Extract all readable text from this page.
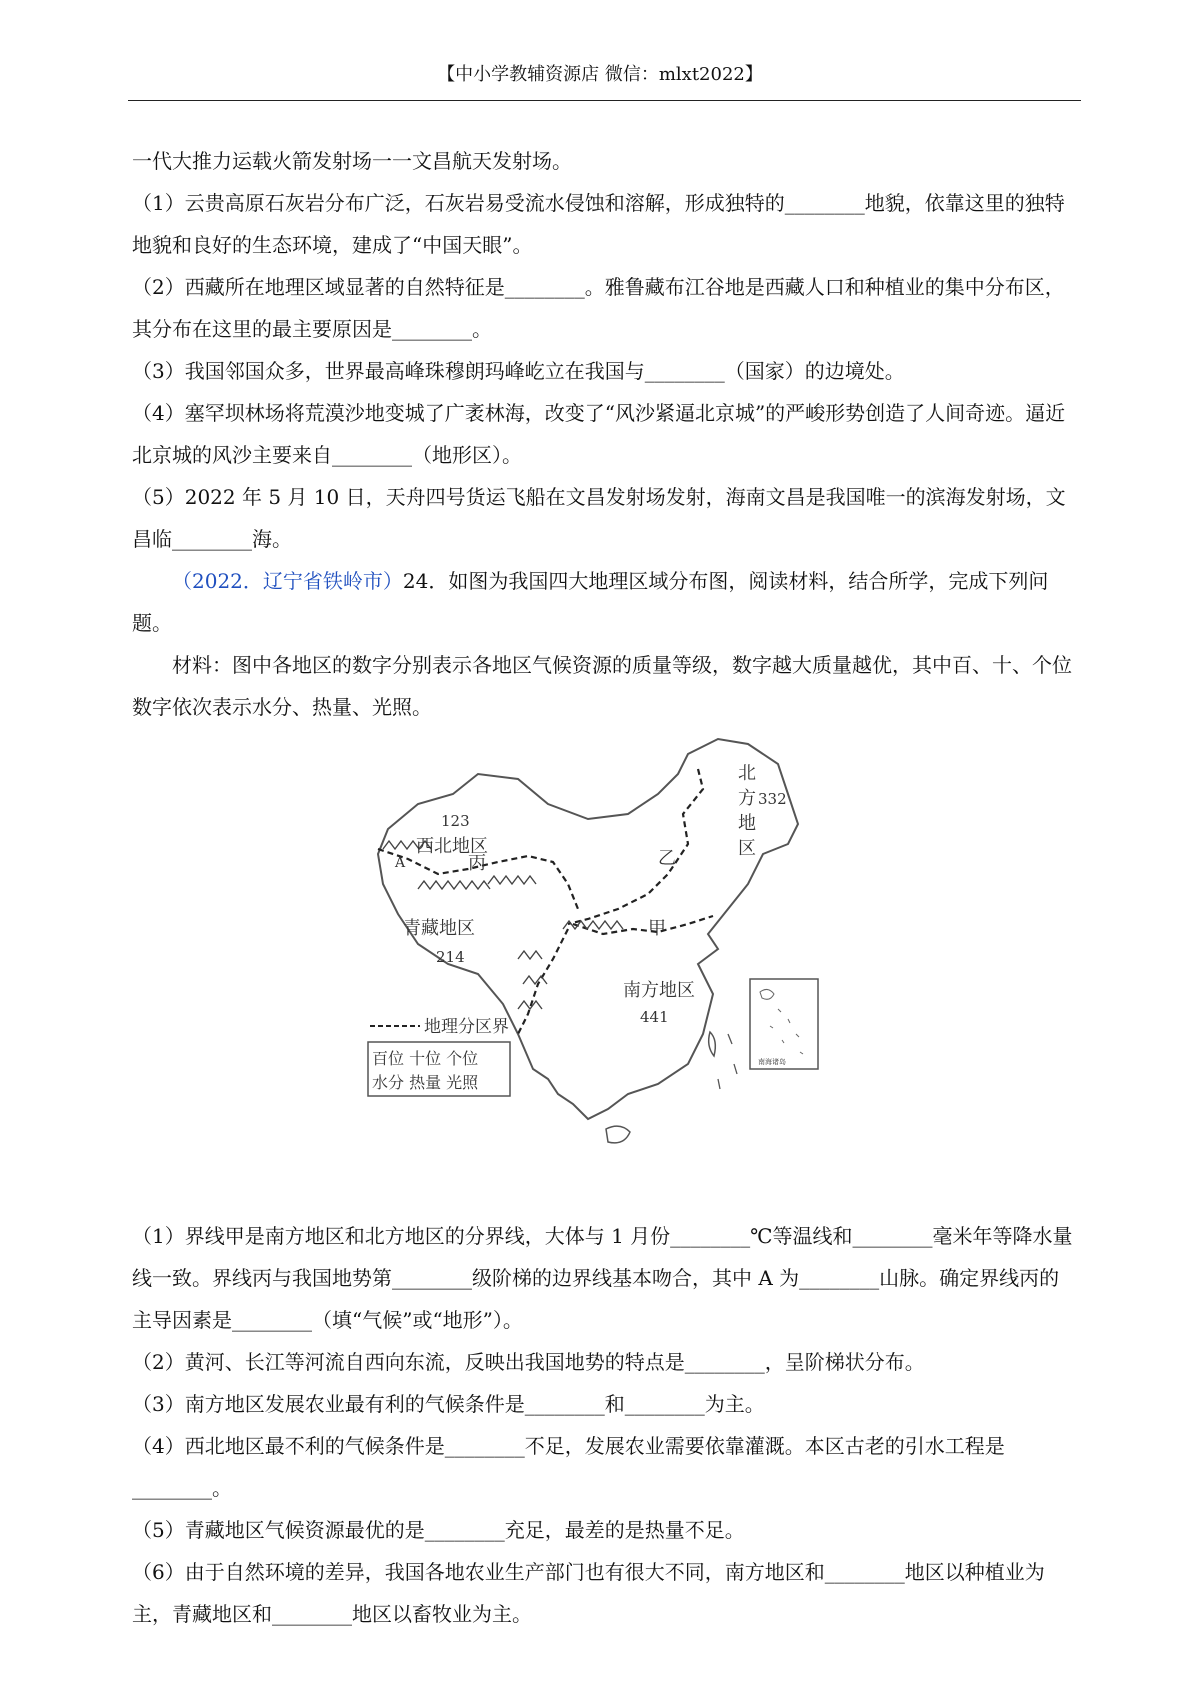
【中小学教辅资源店 微信：mlxt2022】

一代大推力运载火箭发射场一一文昌航天发射场。

（1）云贵高原石灰岩分布广泛，石灰岩易受流水侵蚀和溶解，形成独特的________地貌，依靠这里的独特地貌和良好的生态环境，建成了“中国天眼”。

（2）西藏所在地理区域显著的自然特征是________。雅鲁藏布江谷地是西藏人口和种植业的集中分布区，其分布在这里的最主要原因是________。

（3）我国邻国众多，世界最高峰珠穆朗玛峰屹立在我国与________（国家）的边境处。

（4）塞罕坝林场将荒漠沙地变城了广袤林海，改变了“风沙紧逼北京城”的严峻形势创造了人间奇迹。逼近北京城的风沙主要来自________（地形区）。

（5）2022 年 5 月 10 日，天舟四号货运飞船在文昌发射场发射，海南文昌是我国唯一的滨海发射场，文昌临________海。

（2022．辽宁省铁岭市）24．如图为我国四大地理区域分布图，阅读材料，结合所学，完成下列问题。

材料：图中各地区的数字分别表示各地区气候资源的质量等级，数字越大质量越优，其中百、十、个位数字依次表示水分、热量、光照。

123
西北地区
青藏地区
214
南方地区
441
北
方 332
地
区
乙
丙
甲
A
南海诸岛
地理分区界
百位 十位 个位
水分 热量 光照

（1）界线甲是南方地区和北方地区的分界线，大体与 1 月份________℃等温线和________毫米年等降水量线一致。界线丙与我国地势第________级阶梯的边界线基本吻合，其中 A 为________山脉。确定界线丙的主导因素是________（填“气候”或“地形”）。

（2）黄河、长江等河流自西向东流，反映出我国地势的特点是________，呈阶梯状分布。

（3）南方地区发展农业最有利的气候条件是________和________为主。

（4）西北地区最不利的气候条件是________不足，发展农业需要依靠灌溉。本区古老的引水工程是________。

（5）青藏地区气候资源最优的是________充足，最差的是热量不足。

（6）由于自然环境的差异，我国各地农业生产部门也有很大不同，南方地区和________地区以种植业为主，青藏地区和________地区以畜牧业为主。
